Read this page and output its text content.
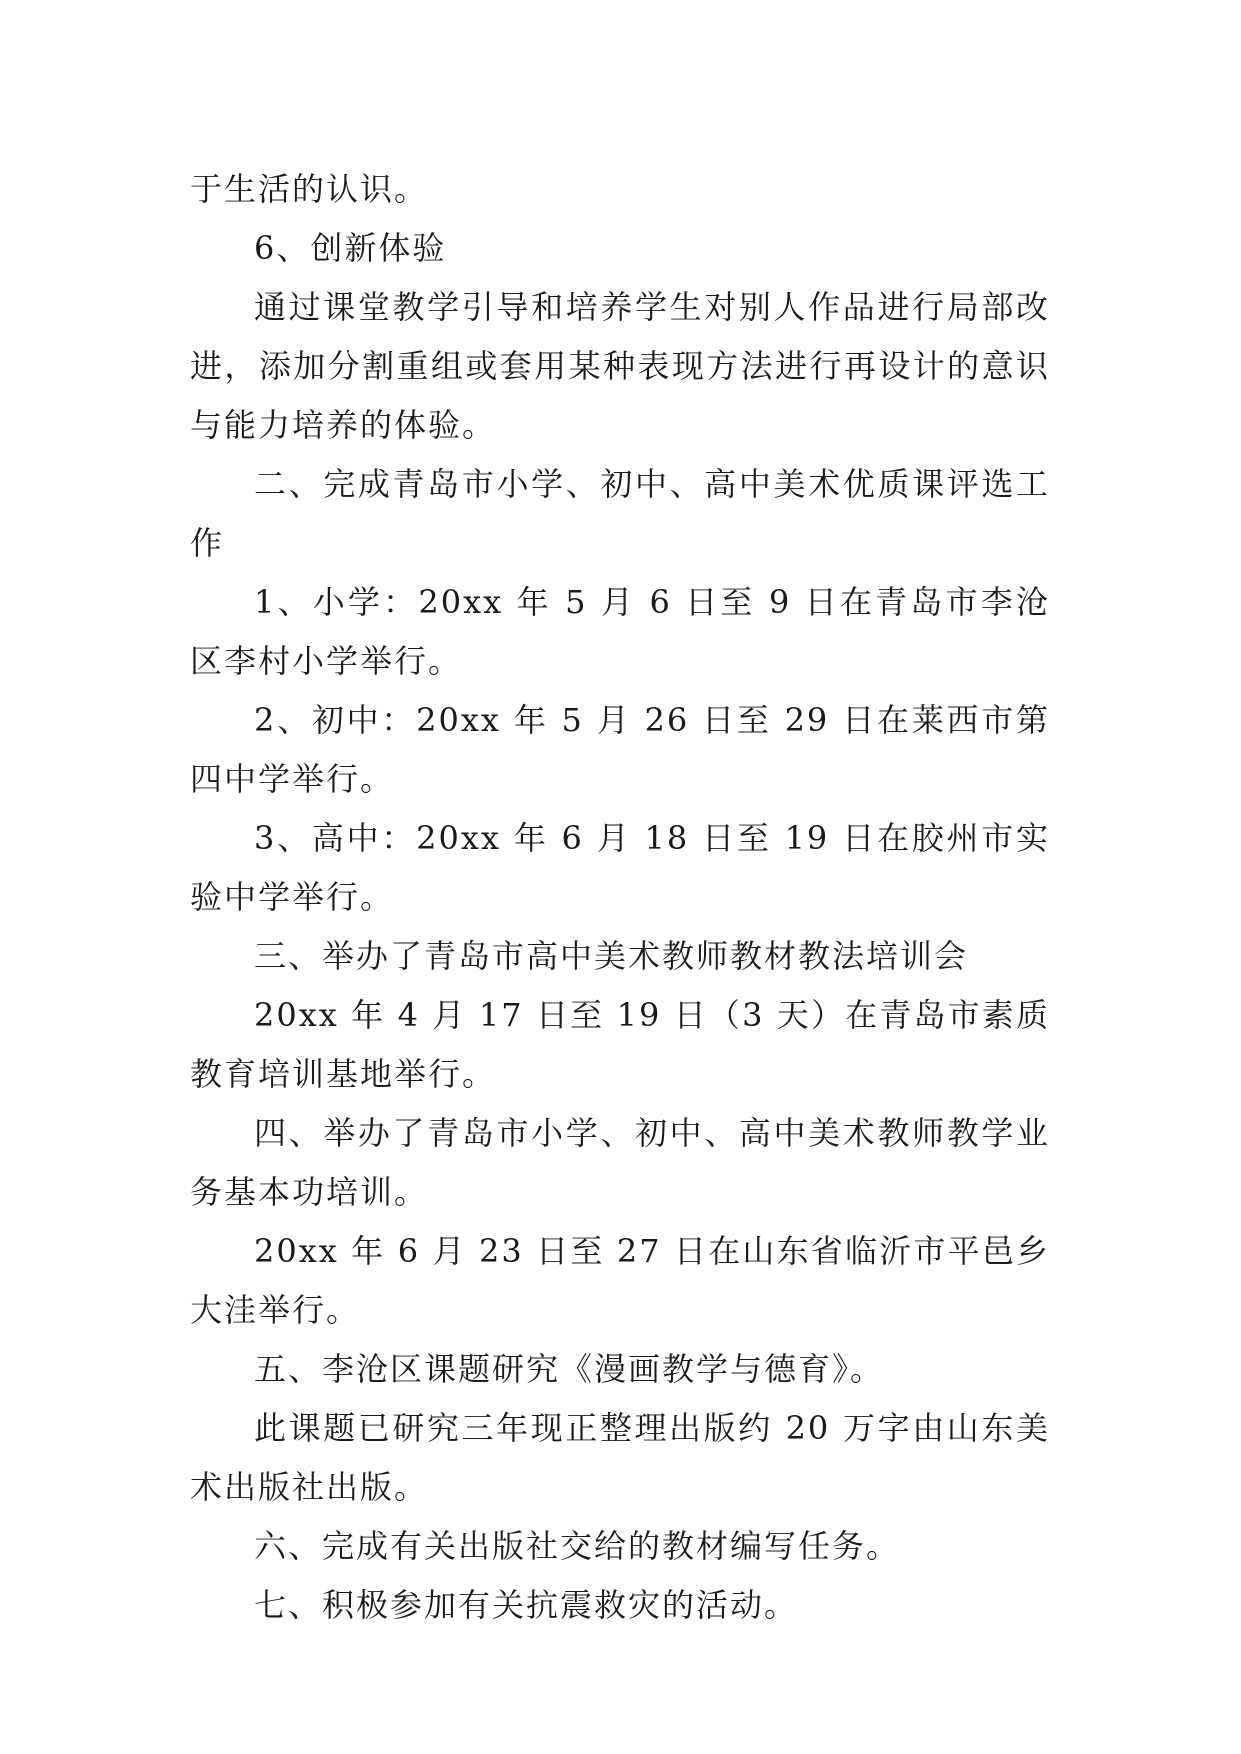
于生活的认识。

6、创新体验

通过课堂教学引导和培养学生对别人作品进行局部改进，添加分割重组或套用某种表现方法进行再设计的意识与能力培养的体验。

二、完成青岛市小学、初中、高中美术优质课评选工作

1、小学：20xx 年 5 月 6 日至 9 日在青岛市李沧区李村小学举行。

2、初中：20xx 年 5 月 26 日至 29 日在莱西市第四中学举行。

3、高中：20xx 年 6 月 18 日至 19 日在胶州市实验中学举行。

三、举办了青岛市高中美术教师教材教法培训会

20xx 年 4 月 17 日至 19 日（3 天）在青岛市素质教育培训基地举行。

四、举办了青岛市小学、初中、高中美术教师教学业务基本功培训。

20xx 年 6 月 23 日至 27 日在山东省临沂市平邑乡大洼举行。

五、李沧区课题研究《漫画教学与德育》。

此课题已研究三年现正整理出版约 20 万字由山东美术出版社出版。

六、完成有关出版社交给的教材编写任务。

七、积极参加有关抗震救灾的活动。
